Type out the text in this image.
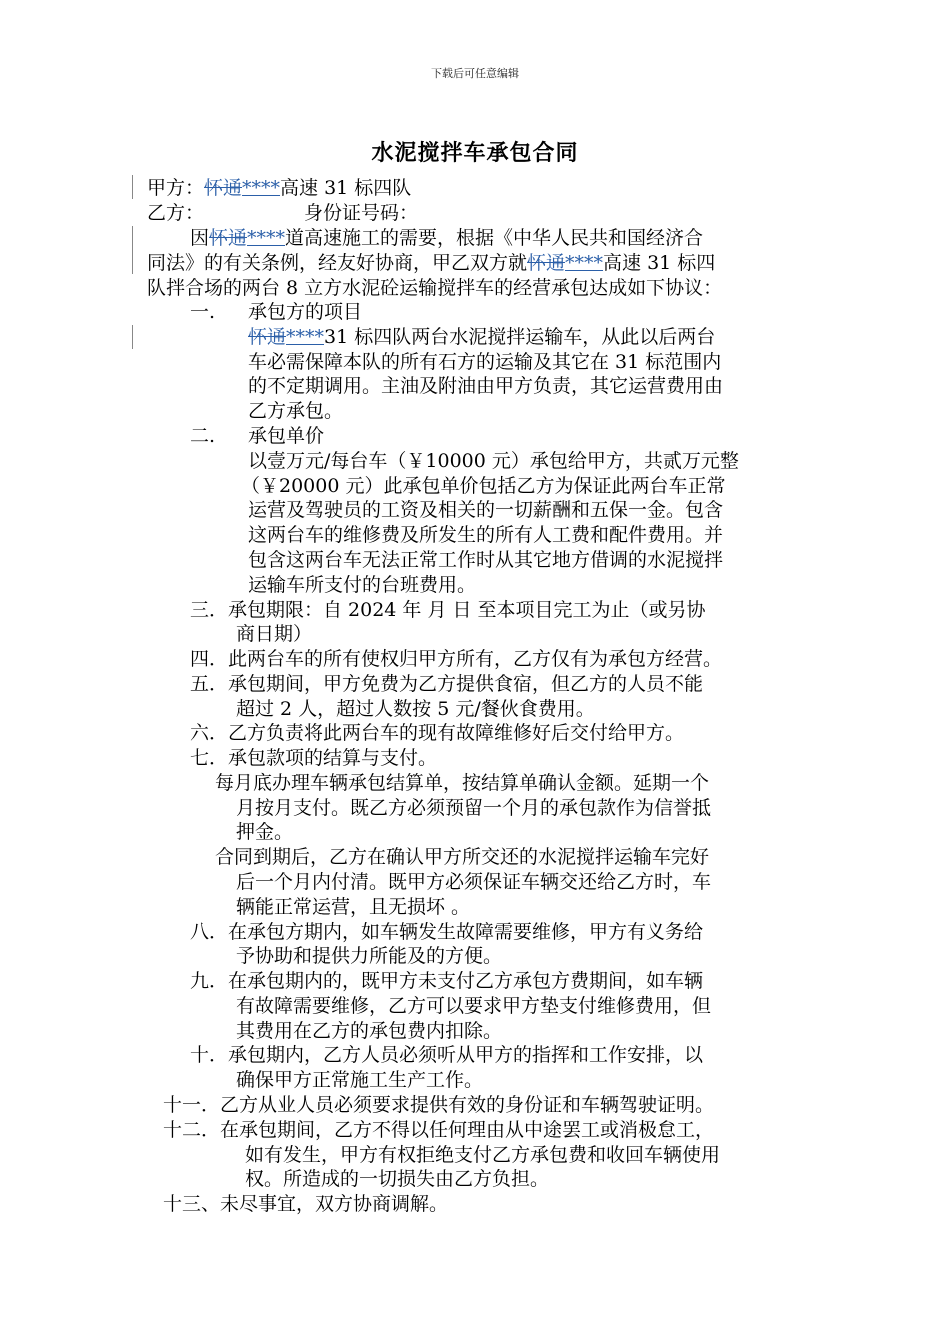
下载后可任意编辑
水泥搅拌车承包合同
甲方：怀通****高速 31 标四队
乙方：	身份证号码：
因怀通****道高速施工的需要，根据《中华人民共和国经济合
同法》的有关条例，经友好协商，甲乙双方就怀通****高速 31 标四
队拌合场的两台 8 立方水泥砼运输搅拌车的经营承包达成如下协议：
一. 承包方的项目
怀通****31 标四队两台水泥搅拌运输车，从此以后两台
车必需保障本队的所有石方的运输及其它在 31 标范围内
的不定期调用。主油及附油由甲方负责，其它运营费用由
乙方承包。
二. 承包单价
以壹万元/每台车（￥10000 元）承包给甲方，共贰万元整
（￥20000 元）此承包单价包括乙方为保证此两台车正常
运营及驾驶员的工资及相关的一切薪酬和五保一金。包含
这两台车的维修费及所发生的所有人工费和配件费用。并
包含这两台车无法正常工作时从其它地方借调的水泥搅拌
运输车所支付的台班费用。
三．承包期限：自 2024 年 月 日 至本项目完工为止（或另协
商日期）
四．此两台车的所有使权归甲方所有，乙方仅有为承包方经营。
五．承包期间，甲方免费为乙方提供食宿，但乙方的人员不能
超过 2 人，超过人数按 5 元/餐伙食费用。
六．乙方负责将此两台车的现有故障维修好后交付给甲方。
七．承包款项的结算与支付。
每月底办理车辆承包结算单，按结算单确认金额。延期一个
月按月支付。既乙方必须预留一个月的承包款作为信誉抵
押金。
合同到期后，乙方在确认甲方所交还的水泥搅拌运输车完好
后一个月内付清。既甲方必须保证车辆交还给乙方时，车
辆能正常运营，且无损坏 。
八．在承包方期内，如车辆发生故障需要维修，甲方有义务给
予协助和提供力所能及的方便。
九．在承包期内的，既甲方未支付乙方承包方费期间，如车辆
有故障需要维修，乙方可以要求甲方垫支付维修费用，但
其费用在乙方的承包费内扣除。
十．承包期内，乙方人员必须听从甲方的指挥和工作安排，以
确保甲方正常施工生产工作。
十一．乙方从业人员必须要求提供有效的身份证和车辆驾驶证明。
十二．在承包期间，乙方不得以任何理由从中途罢工或消极怠工，
如有发生，甲方有权拒绝支付乙方承包费和收回车辆使用
权。所造成的一切损失由乙方负担。
十三、未尽事宜，双方协商调解。
